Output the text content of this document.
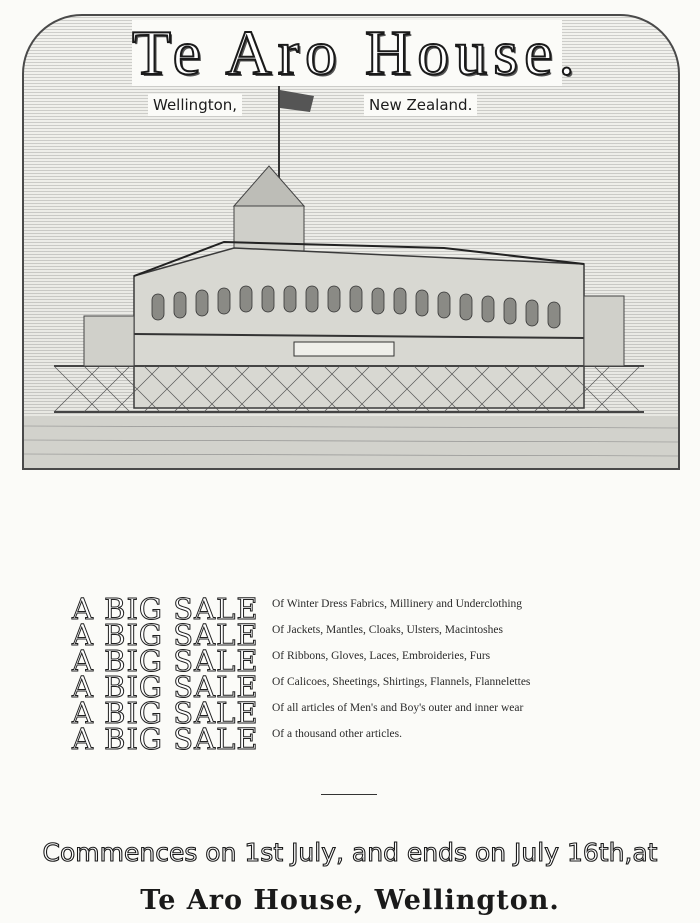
Te Aro House.
Wellington,	New Zealand.
A BIG SALE	Of Winter Dress Fabrics, Millinery and Underclothing
A BIG SALE	Of Jackets, Mantles, Cloaks, Ulsters, Macintoshes
A BIG SALE	Of Ribbons, Gloves, Laces, Embroideries, Furs
A BIG SALE	Of Calicoes, Sheetings, Shirtings, Flannels, Flannelettes
A BIG SALE	Of all articles of Men's and Boy's outer and inner wear
A BIG SALE	Of a thousand other articles.
Commences on 1st July, and ends on July 16th,at
Te Aro House, Wellington.
